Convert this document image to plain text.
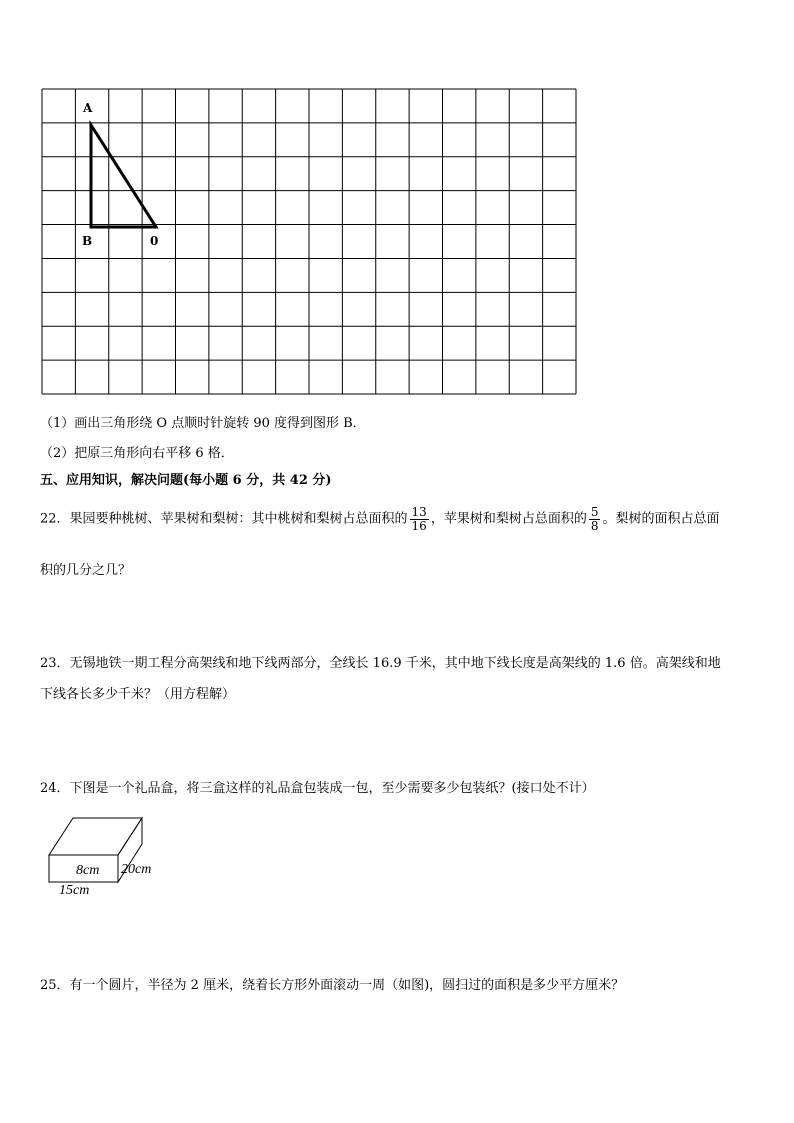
A
B	0
（1）画出三角形绕 O 点顺时针旋转 90 度得到图形 B．
（2）把原三角形向右平移 6 格．
五、应用知识，解决问题(每小题 6 分，共 42 分)
22．果园要种桃树、苹果树和梨树：其中桃树和梨树占总面积的 $\frac{13}{16}$ ，苹果树和梨树占总面积的 $\frac{5}{8}$ 。梨树的面积占总面
积的几分之几？
23．无锡地铁一期工程分高架线和地下线两部分，全线长 16.9 千米，其中地下线长度是高架线的 1.6 倍。高架线和地
下线各长多少千米？（用方程解）
24．下图是一个礼品盒，将三盒这样的礼品盒包装成一包，至少需要多少包装纸？(接口处不计）
8cm 20cm
15cm
25．有一个圆片，半径为 2 厘米，绕着长方形外面滚动一周（如图)，圆扫过的面积是多少平方厘米？
